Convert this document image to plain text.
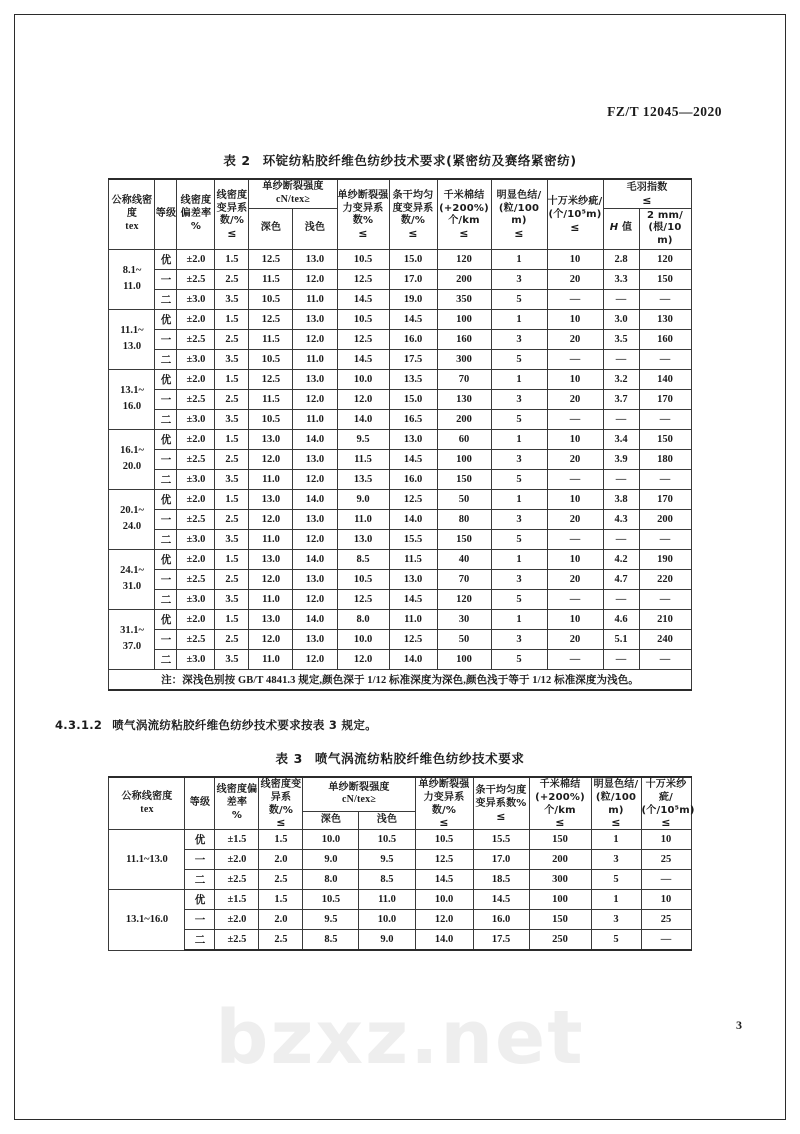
bzxz.net	3
FZ/T 12045—2020
表 2 环锭纺粘胶纤维色纺纱技术要求(紧密纺及赛络紧密纺)
公称线密度
tex	等级	线密度偏差率
%	线密度变异系数/%
≤	单纱断裂强度
cN/tex≥		单纱断裂强力变异系数%
≤	条干均匀度变异系数/%
≤	千米棉结(+200%)
个/km
≤	明显色结/
(粒/100 m)
≤	十万米纱疵/
(个/10⁵m)
≤	毛羽指数
≤	

				深色	浅色						H 值	2 mm/
(根/10 m)
8.1~
11.0	优	±2.0	1.5	12.5	13.0	10.5	15.0	120	1	10	2.8	120
	一	±2.5	2.5	11.5	12.0	12.5	17.0	200	3	20	3.3	150
	二	±3.0	3.5	10.5	11.0	14.5	19.0	350	5	—	—	—
11.1~
13.0	优	±2.0	1.5	12.5	13.0	10.5	14.5	100	1	10	3.0	130
	一	±2.5	2.5	11.5	12.0	12.5	16.0	160	3	20	3.5	160
	二	±3.0	3.5	10.5	11.0	14.5	17.5	300	5	—	—	—
13.1~
16.0	优	±2.0	1.5	12.5	13.0	10.0	13.5	70	1	10	3.2	140
	一	±2.5	2.5	11.5	12.0	12.0	15.0	130	3	20	3.7	170
	二	±3.0	3.5	10.5	11.0	14.0	16.5	200	5	—	—	—
16.1~
20.0	优	±2.0	1.5	13.0	14.0	9.5	13.0	60	1	10	3.4	150
	一	±2.5	2.5	12.0	13.0	11.5	14.5	100	3	20	3.9	180
	二	±3.0	3.5	11.0	12.0	13.5	16.0	150	5	—	—	—
20.1~
24.0	优	±2.0	1.5	13.0	14.0	9.0	12.5	50	1	10	3.8	170
	一	±2.5	2.5	12.0	13.0	11.0	14.0	80	3	20	4.3	200
	二	±3.0	3.5	11.0	12.0	13.0	15.5	150	5	—	—	—
24.1~
31.0	优	±2.0	1.5	13.0	14.0	8.5	11.5	40	1	10	4.2	190
	一	±2.5	2.5	12.0	13.0	10.5	13.0	70	3	20	4.7	220
	二	±3.0	3.5	11.0	12.0	12.5	14.5	120	5	—	—	—
31.1~
37.0	优	±2.0	1.5	13.0	14.0	8.0	11.0	30	1	10	4.6	210
	一	±2.5	2.5	12.0	13.0	10.0	12.5	50	3	20	5.1	240
	二	±3.0	3.5	11.0	12.0	12.0	14.0	100	5	—	—	—
注：深浅色别按 GB/T 4841.3 规定,颜色深于 1/12 标准深度为深色,颜色浅于等于 1/12 标准深度为浅色。												
4.3.1.2 喷气涡流纺粘胶纤维色纺纱技术要求按表 3 规定。
表 3 喷气涡流纺粘胶纤维色纺纱技术要求
公称线密度
tex	等级	线密度偏差率
%	线密度变异系数/%
≤	单纱断裂强度
cN/tex≥		单纱断裂强力变异系数/%
≤	条干均匀度变异系数%
≤	千米棉结(+200%)
个/km
≤	明显色结/
(粒/100 m)
≤	十万米纱疵/
(个/10⁵m)
≤

				深色	浅色					
11.1~13.0	优	±1.5	1.5	10.0	10.5	10.5	15.5	150	1	10
	一	±2.0	2.0	9.0	9.5	12.5	17.0	200	3	25
	二	±2.5	2.5	8.0	8.5	14.5	18.5	300	5	—
13.1~16.0	优	±1.5	1.5	10.5	11.0	10.0	14.5	100	1	10
	一	±2.0	2.0	9.5	10.0	12.0	16.0	150	3	25
	二	±2.5	2.5	8.5	9.0	14.0	17.5	250	5	—
